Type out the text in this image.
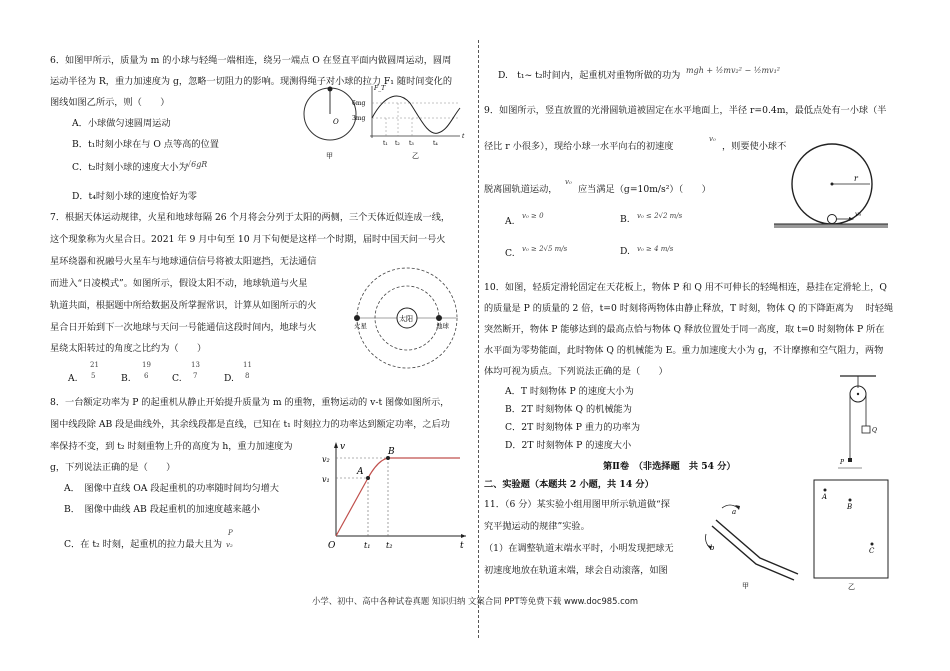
6．如图甲所示，质量为 m 的小球与轻绳一端相连，绕另一端点 O 在竖直平面内做圆周运动，圆周
运动半径为 R，重力加速度为 g，忽略一切阻力的影响。现测得绳子对小球的拉力 F₁ 随时间变化的
图线如图乙所示，则（　　）
A．小球做匀速圆周运动
B．t₁时刻小球在与 O 点等高的位置
C．t₂时刻小球的速度大小为
√6gR
D．t₄时刻小球的速度恰好为零
O
甲
F_T
6mg
3mg
t
t₁ t₂ t₃	t₄
乙
7．根据天体运动规律，火星和地球每隔 26 个月将会分列于太阳的两侧，三个天体近似连成一线，
这个现象称为火星合日。2021 年 9 月中旬至 10 月下旬便是这样一个时期，届时中国天问一号火
星环绕器和祝融号火星车与地球通信信号将被太阳遮挡，无法通信
而进入“日凌模式”。如图所示，假设太阳不动，地球轨道与火星
轨道共面，根据题中所给数据及所掌握常识，计算从如图所示的火
星合日开始到下一次地球与天问一号能通信这段时间内，地球与火
星绕太阳转过的角度之比约为（　　）
21
A. 5
19
B. 6
13
C. 7
11
D. 8
太阳
火星	地球
8．一台额定功率为 P 的起重机从静止开始提升质量为 m 的重物，重物运动的 v-t 图像如图所示，
图中线段除 AB 段是曲线外，其余线段都是直线，已知在 t₁ 时刻拉力的功率达到额定功率，之后功
率保持不变，到 t₂ 时刻重物上升的高度为 h，重力加速度为
g，下列说法正确的是（　　）
A．　图像中直线 OA 段起重机的功率随时间均匀增大
B．　图像中曲线 AB 段起重机的加速度越来越小
C．在 t₂ 时刻，起重机的拉力最大且为
P
v₂
v
v₂
v₁
O	t
t₁ t₂
A
B
D.　t₁~ t₂时间内，起重机对重物所做的功为 mgh + ½mv₂² − ½mv₁²
9．如图所示，竖直放置的光滑圆轨道被固定在水平地面上，半径 r=0.4m，最低点处有一小球（半
径比 r 小很多），现给小球一水平向右的初速度
v₀
，则要使小球不
脱离圆轨道运动，
v₀
应当满足（g=10m/s²）（　　）
A. v₀ ≥ 0	B. v₀ ≤ 2√2 m/s
C. v₀ ≥ 2√5 m/s	D. v₀ ≥ 4 m/s
r
v₀
10．如图，轻质定滑轮固定在天花板上，物体 P 和 Q 用不可伸长的轻绳相连，悬挂在定滑轮上，Q
的质量是 P 的质量的 2 倍，t=0 时刻将两物体由静止释放，T 时刻，物体 Q 的下降距离为　 时轻绳
突然断开，物体 P 能够达到的最高点恰与物体 Q 释放位置处于同一高度，取 t=0 时刻物体 P 所在
水平面为零势能面，此时物体 Q 的机械能为 E。重力加速度大小为 g，不计摩擦和空气阻力，两物
体均可视为质点。下列说法正确的是（　　）
A．T 时刻物体 P 的速度大小为
B．2T 时刻物体 Q 的机械能为
C．2T 时刻物体 P 重力的功率为
D．2T 时刻物体 P 的速度大小
Q
P
第Ⅱ卷　（非选择题　共 54 分）
二、实验题（本题共 2 小题，共 14 分）
11．（6 分）某实验小组用图甲所示轨道做“探
究平抛运动的规律”实验。
（1）在调整轨道末端水平时，小明发现把球无
初速度地放在轨道末端，球会自动滚落，如图
a
b
甲
A
B
C
乙
小学、初中、高中各种试卷真题 知识归纳 文案合同 PPT等免费下载 www.doc985.com
